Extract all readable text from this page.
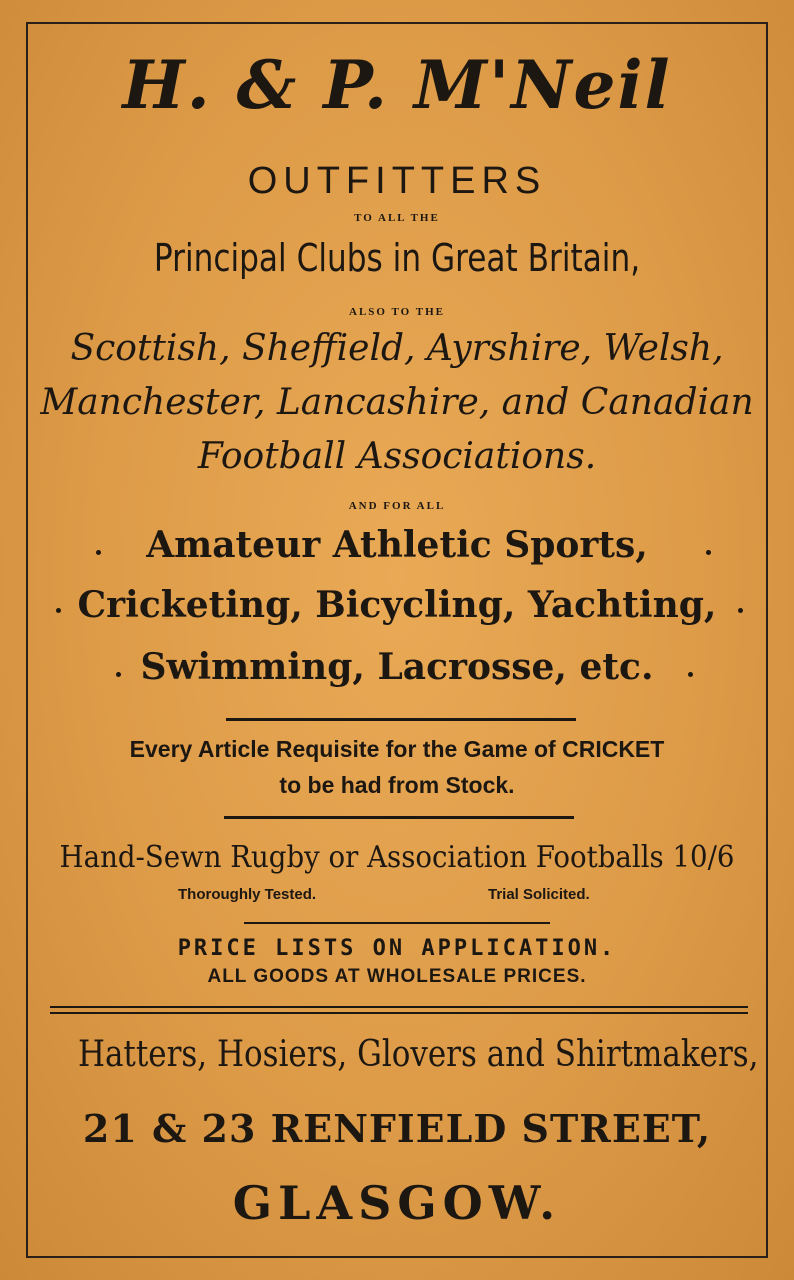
H. & P. M'Neil
OUTFITTERS
TO ALL THE
Principal Clubs in Great Britain,
ALSO TO THE
Scottish, Sheffield, Ayrshire, Welsh,
Manchester, Lancashire, and Canadian
Football Associations.
AND FOR ALL
Amateur Athletic Sports,
Cricketing, Bicycling, Yachting,
Swimming, Lacrosse, etc.
Every Article Requisite for the Game of CRICKET
to be had from Stock.
Hand-Sewn Rugby or Association Footballs 10/6
Thoroughly Tested.	Trial Solicited.
PRICE LISTS ON APPLICATION.
ALL GOODS AT WHOLESALE PRICES.
Hatters, Hosiers, Glovers and Shirtmakers,
21 & 23 RENFIELD STREET,
GLASGOW.
